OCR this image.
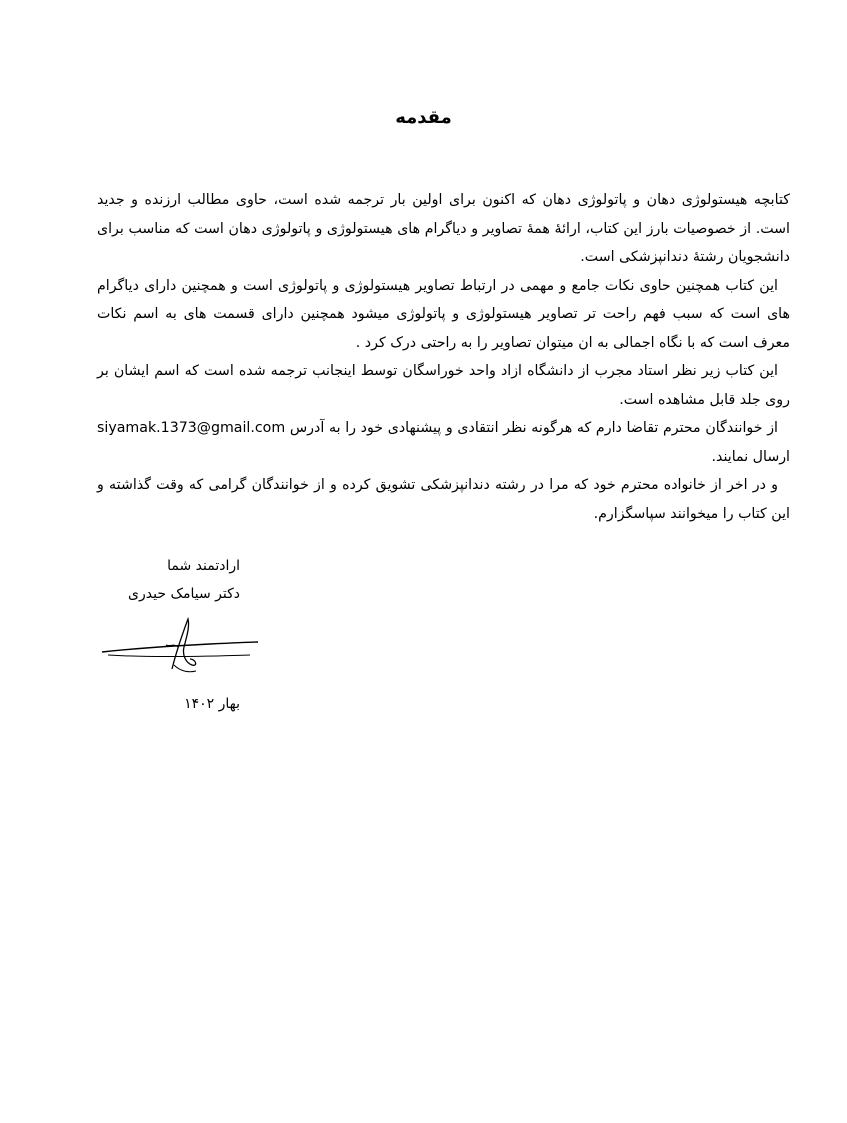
مقدمه

کتابچه هیستولوژی دهان و پاتولوژی دهان که اکنون برای اولین بار ترجمه شده است، حاوی مطالب ارزنده و جدید است. از خصوصیات بارز این کتاب، ارائهٔ همهٔ تصاویر و دیاگرام های هیستولوژی و پاتولوژی دهان است که مناسب برای دانشجویان رشتهٔ دندانپزشکی است.

این کتاب همچنین حاوی نکات جامع و مهمی در ارتباط تصاویر هیستولوژی و پاتولوژی است و همچنین دارای دیاگرام های است که سبب فهم راحت تر تصاویر هیستولوژی و پاتولوژی میشود همچنین دارای قسمت های به اسم نکات معرف است که با نگاه اجمالی به ان میتوان تصاویر را به راحتی درک کرد .

این کتاب زیر نظر استاد مجرب از دانشگاه ازاد واحد خوراسگان توسط اینجانب ترجمه شده است که اسم ایشان بر روی جلد قابل مشاهده است.

از خوانندگان محترم تقاضا دارم که هرگونه نظر انتقادی و پیشنهادی خود را به آدرس siyamak.1373@gmail.com ارسال نمایند.

و در اخر از خانواده محترم خود که مرا در رشته دندانپزشکی تشویق کرده و از خوانندگان گرامی که وقت گذاشته و این کتاب را میخوانند سپاسگزارم.

ارادتمند شما
دکتر سیامک حیدری
بهار ۱۴۰۲
